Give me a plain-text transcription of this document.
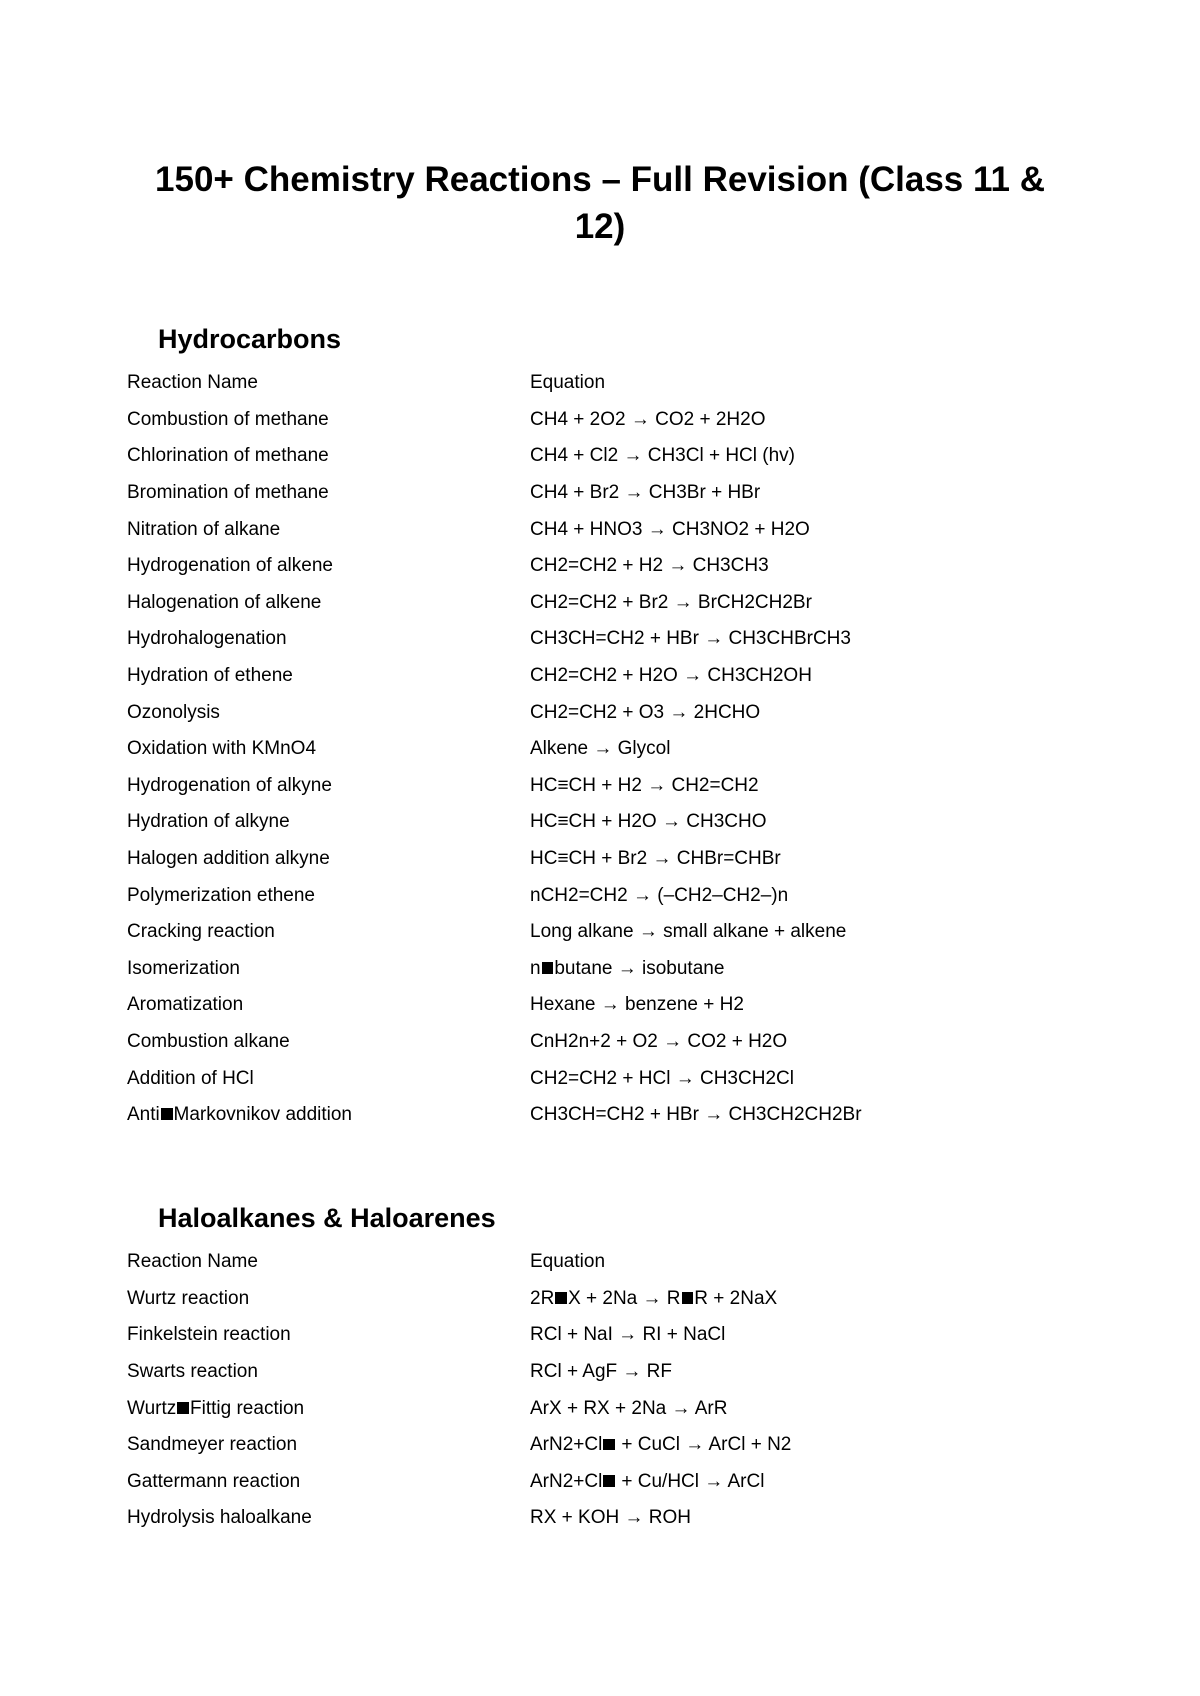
150+ Chemistry Reactions – Full Revision (Class 11 & 12)
Hydrocarbons
Reaction Name	Equation
Combustion of methane	CH4 + 2O2 → CO2 + 2H2O
Chlorination of methane	CH4 + Cl2 → CH3Cl + HCl (hv)
Bromination of methane	CH4 + Br2 → CH3Br + HBr
Nitration of alkane	CH4 + HNO3 → CH3NO2 + H2O
Hydrogenation of alkene	CH2=CH2 + H2 → CH3CH3
Halogenation of alkene	CH2=CH2 + Br2 → BrCH2CH2Br
Hydrohalogenation	CH3CH=CH2 + HBr → CH3CHBrCH3
Hydration of ethene	CH2=CH2 + H2O → CH3CH2OH
Ozonolysis	CH2=CH2 + O3 → 2HCHO
Oxidation with KMnO4	Alkene → Glycol
Hydrogenation of alkyne	HC≡CH + H2 → CH2=CH2
Hydration of alkyne	HC≡CH + H2O → CH3CHO
Halogen addition alkyne	HC≡CH + Br2 → CHBr=CHBr
Polymerization ethene	nCH2=CH2 → (–CH2–CH2–)n
Cracking reaction	Long alkane → small alkane + alkene
Isomerization	n butane → isobutane
Aromatization	Hexane → benzene + H2
Combustion alkane	CnH2n+2 + O2 → CO2 + H2O
Addition of HCl	CH2=CH2 + HCl → CH3CH2Cl
Anti Markovnikov addition	CH3CH=CH2 + HBr → CH3CH2CH2Br
Haloalkanes & Haloarenes
Reaction Name	Equation
Wurtz reaction	2R X + 2Na → R R + 2NaX
Finkelstein reaction	RCl + NaI → RI + NaCl
Swarts reaction	RCl + AgF → RF
Wurtz Fittig reaction	ArX + RX + 2Na → ArR
Sandmeyer reaction	ArN2+Cl + CuCl → ArCl + N2
Gattermann reaction	ArN2+Cl + Cu/HCl → ArCl
Hydrolysis haloalkane	RX + KOH → ROH
